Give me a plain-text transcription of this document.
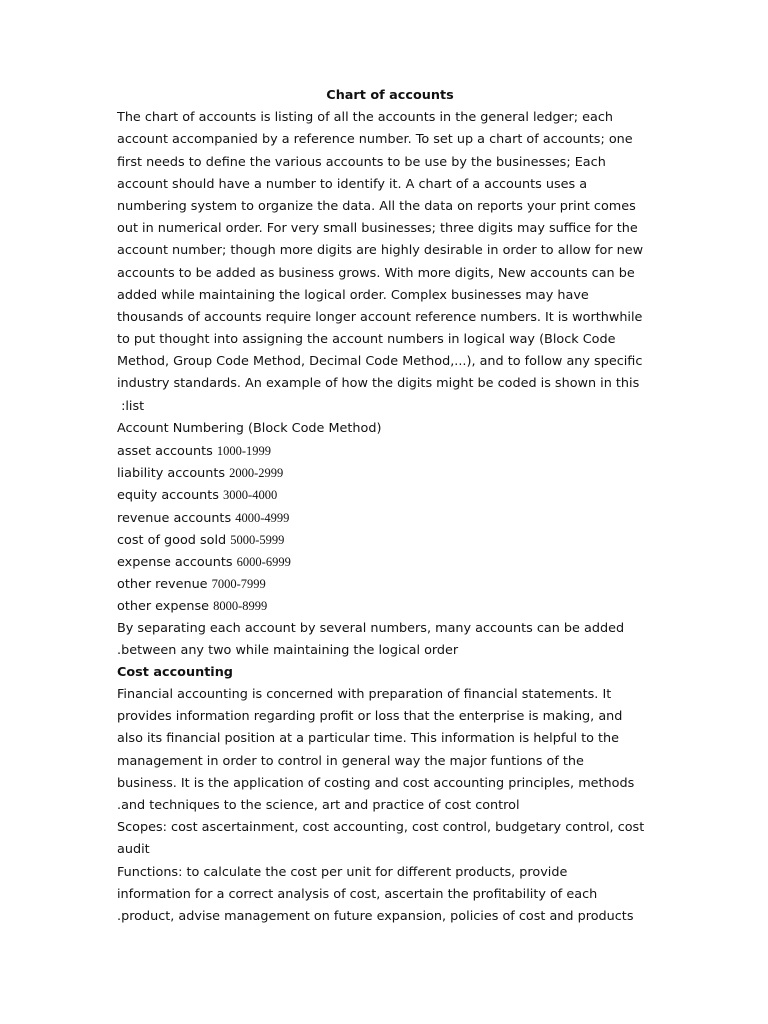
Chart of accounts
The chart of accounts is listing of all the accounts in the general ledger; each
account accompanied by a reference number. To set up a chart of accounts; one
first needs to define the various accounts to be use by the businesses; Each
account should have a number to identify it. A chart of a accounts uses a
numbering system to organize the data. All the data on reports your print comes
out in numerical order. For very small businesses; three digits may suffice for the
account number; though more digits are highly desirable in order to allow for new
accounts to be added as business grows. With more digits, New accounts can be
added while maintaining the logical order. Complex businesses may have
thousands of accounts require longer account reference numbers. It is worthwhile
to put thought into assigning the account numbers in logical way (Block Code
Method, Group Code Method, Decimal Code Method,...), and to follow any specific
industry standards. An example of how the digits might be coded is shown in this
:list
Account Numbering (Block Code Method)
asset accounts 1000-1999
liability accounts 2000-2999
equity accounts 3000-4000
revenue accounts 4000-4999
cost of good sold 5000-5999
expense accounts 6000-6999
other revenue 7000-7999
other expense 8000-8999
By separating each account by several numbers, many accounts can be added
.between any two while maintaining the logical order
Cost accounting
Financial accounting is concerned with preparation of financial statements. It
provides information regarding profit or loss that the enterprise is making, and
also its financial position at a particular time. This information is helpful to the
management in order to control in general way the major funtions of the
business. It is the application of costing and cost accounting principles, methods
.and techniques to the science, art and practice of cost control
Scopes: cost ascertainment, cost accounting, cost control, budgetary control, cost
audit
Functions: to calculate the cost per unit for different products, provide
information for a correct analysis of cost, ascertain the profitability of each
.product, advise management on future expansion, policies of cost and products
